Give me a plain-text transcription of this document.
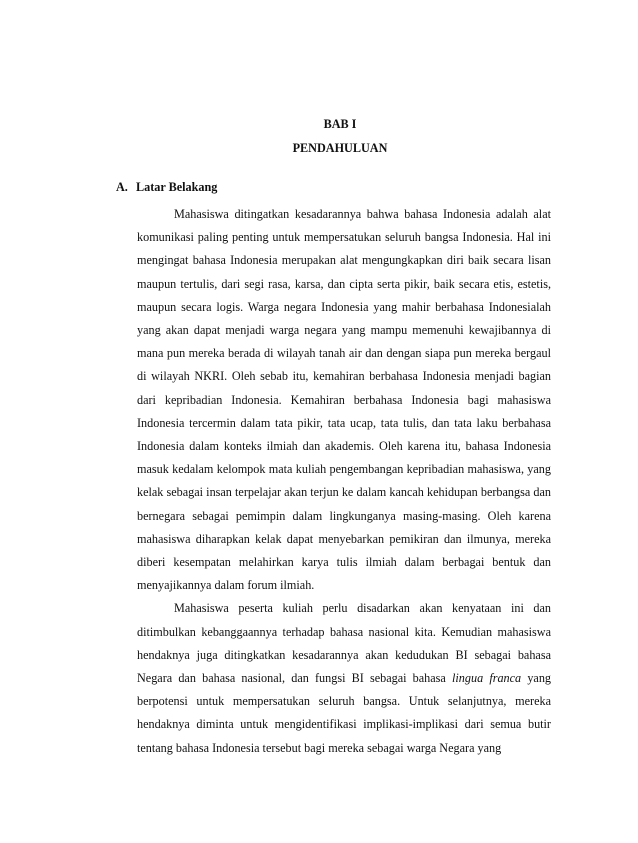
BAB I
PENDAHULUAN
A. Latar Belakang

Mahasiswa ditingatkan kesadarannya bahwa bahasa Indonesia adalah alat komunikasi paling penting untuk mempersatukan seluruh bangsa Indonesia. Hal ini mengingat bahasa Indonesia merupakan alat mengungkapkan diri baik secara lisan maupun tertulis, dari segi rasa, karsa, dan cipta serta pikir, baik secara etis, estetis, maupun secara logis. Warga negara Indonesia yang mahir berbahasa Indonesialah yang akan dapat menjadi warga negara yang mampu memenuhi kewajibannya di mana pun mereka berada di wilayah tanah air dan dengan siapa pun mereka bergaul di wilayah NKRI. Oleh sebab itu, kemahiran berbahasa Indonesia menjadi bagian dari kepribadian Indonesia. Kemahiran berbahasa Indonesia bagi mahasiswa Indonesia tercermin dalam tata pikir, tata ucap, tata tulis, dan tata laku berbahasa Indonesia dalam konteks ilmiah dan akademis. Oleh karena itu, bahasa Indonesia masuk kedalam kelompok mata kuliah pengembangan kepribadian mahasiswa, yang kelak sebagai insan terpelajar akan terjun ke dalam kancah kehidupan berbangsa dan bernegara sebagai pemimpin dalam lingkunganya masing-masing. Oleh karena mahasiswa diharapkan kelak dapat menyebarkan pemikiran dan ilmunya, mereka diberi kesempatan melahirkan karya tulis ilmiah dalam berbagai bentuk dan menyajikannya dalam forum ilmiah.

Mahasiswa peserta kuliah perlu disadarkan akan kenyataan ini dan ditimbulkan kebanggaannya terhadap bahasa nasional kita. Kemudian mahasiswa hendaknya juga ditingkatkan kesadarannya akan kedudukan BI sebagai bahasa Negara dan bahasa nasional, dan fungsi BI sebagai bahasa lingua franca yang berpotensi untuk mempersatukan seluruh bangsa. Untuk selanjutnya, mereka hendaknya diminta untuk mengidentifikasi implikasi-implikasi dari semua butir tentang bahasa Indonesia tersebut bagi mereka sebagai warga Negara yang
